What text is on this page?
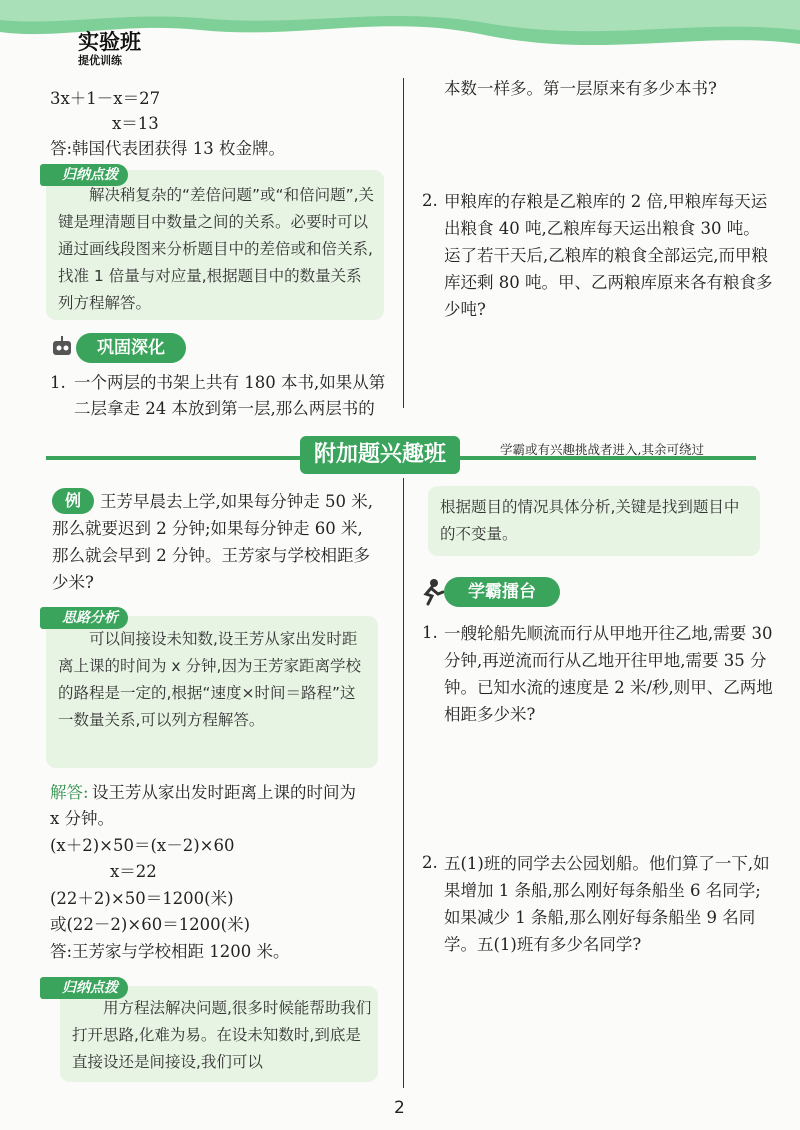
实验班
提优训练
3x＋1－x＝27
x＝13
答:韩国代表团获得 13 枚金牌。
归纳点拨
解决稍复杂的“差倍问题”或“和倍问题”,关键是理清题目中数量之间的关系。必要时可以通过画线段图来分析题目中的差倍或和倍关系,找准 1 倍量与对应量,根据题目中的数量关系列方程解答。
巩固深化
1. 一个两层的书架上共有 180 本书,如果从第
二层拿走 24 本放到第一层,那么两层书的
本数一样多。第一层原来有多少本书?
2. 甲粮库的存粮是乙粮库的 2 倍,甲粮库每天运出粮食 40 吨,乙粮库每天运出粮食 30 吨。运了若干天后,乙粮库的粮食全部运完,而甲粮库还剩 80 吨。甲、乙两粮库原来各有粮食多少吨?
附加题兴趣班	学霸或有兴趣挑战者进入,其余可绕过
例	王芳早晨去上学,如果每分钟走 50 米,那么就要迟到 2 分钟;如果每分钟走 60 米,那么就会早到 2 分钟。王芳家与学校相距多少米?
思路分析
可以间接设未知数,设王芳从家出发时距离上课的时间为 x 分钟,因为王芳家距离学校的路程是一定的,根据“速度×时间＝路程”这一数量关系,可以列方程解答。
解答: 设王芳从家出发时距离上课的时间为
x 分钟。
(x＋2)×50＝(x－2)×60
x＝22
(22＋2)×50＝1200(米)
或(22－2)×60＝1200(米)
答:王芳家与学校相距 1200 米。
归纳点拨
用方程法解决问题,很多时候能帮助我们打开思路,化难为易。在设未知数时,到底是直接设还是间接设,我们可以
根据题目的情况具体分析,关键是找到题目中的不变量。
学霸擂台
1. 一艘轮船先顺流而行从甲地开往乙地,需要 30 分钟,再逆流而行从乙地开往甲地,需要 35 分钟。已知水流的速度是 2 米/秒,则甲、乙两地相距多少米?
2. 五(1)班的同学去公园划船。他们算了一下,如果增加 1 条船,那么刚好每条船坐 6 名同学;如果减少 1 条船,那么刚好每条船坐 9 名同学。五(1)班有多少名同学?
2
